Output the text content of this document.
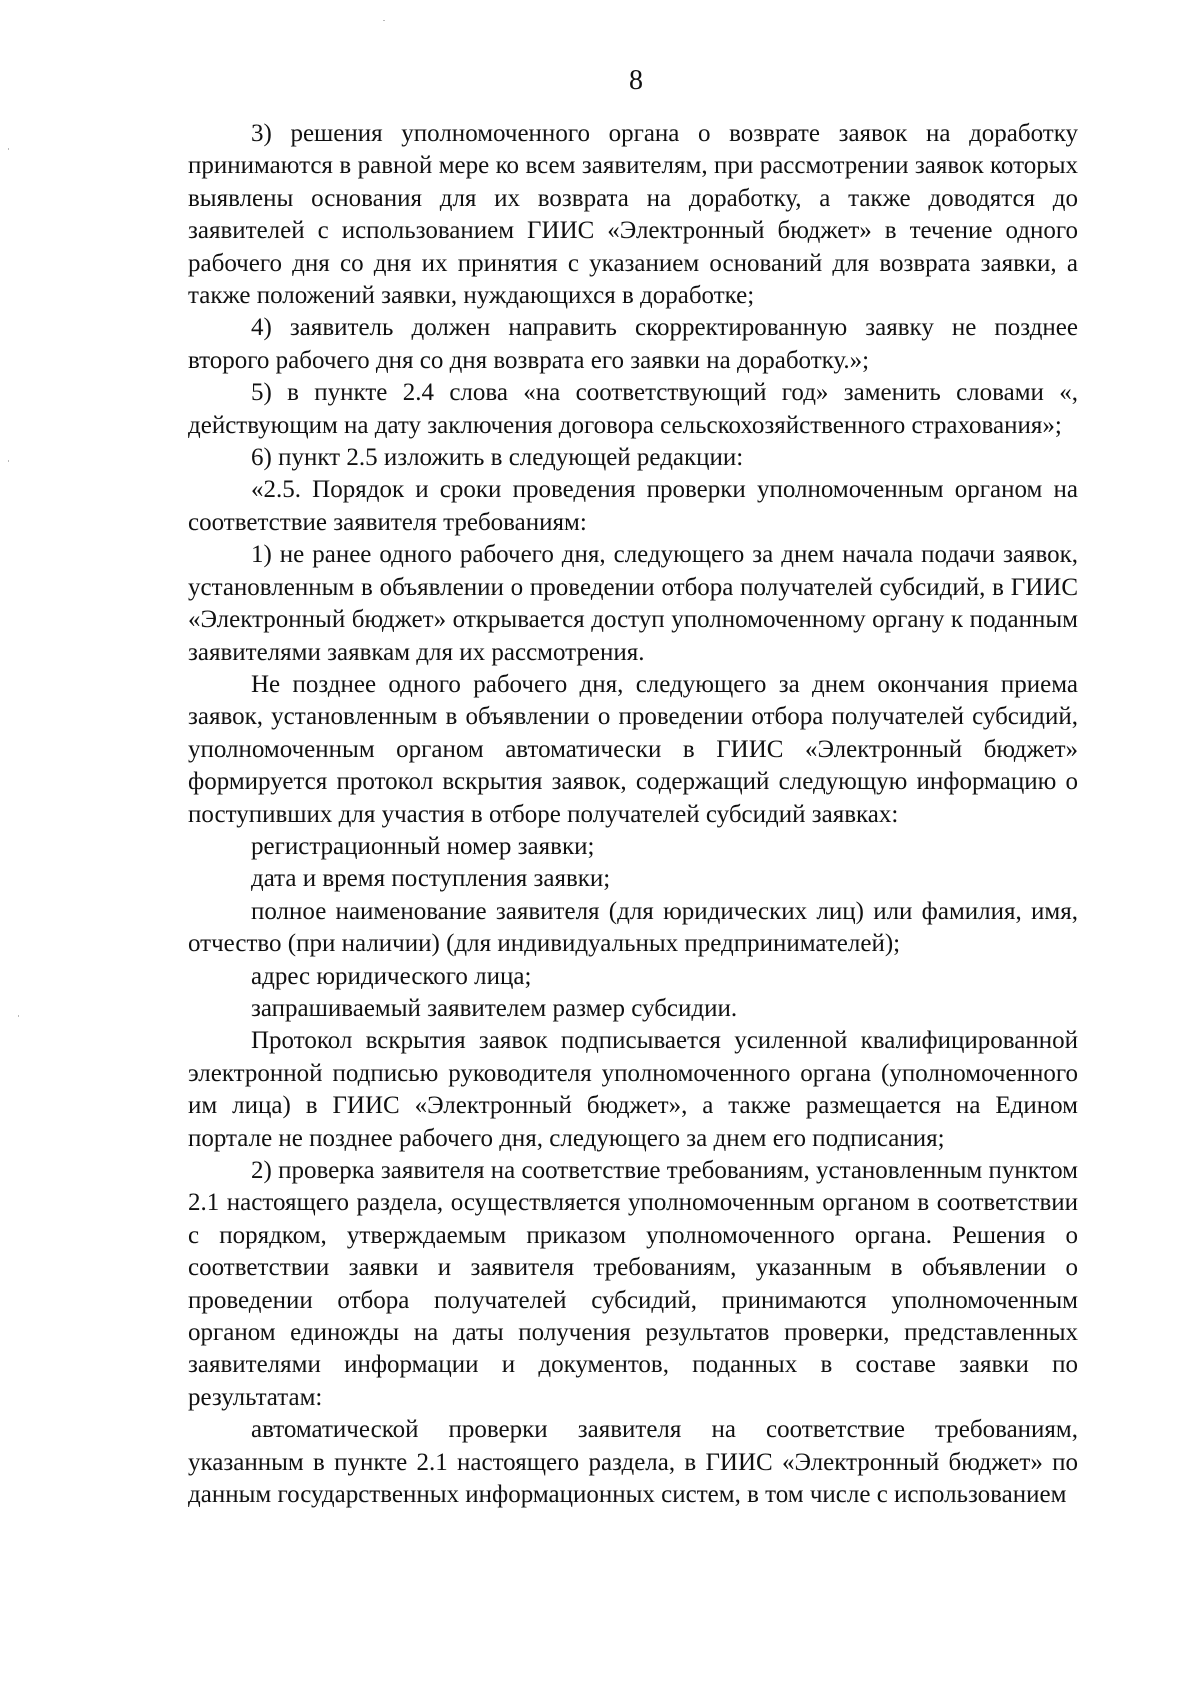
8

3) решения уполномоченного органа о возврате заявок на доработку принимаются в равной мере ко всем заявителям, при рассмотрении заявок которых выявлены основания для их возврата на доработку, а также доводятся до заявителей с использованием ГИИС «Электронный бюджет» в течение одного рабочего дня со дня их принятия с указанием оснований для возврата заявки, а также положений заявки, нуждающихся в доработке;

4) заявитель должен направить скорректированную заявку не позднее второго рабочего дня со дня возврата его заявки на доработку.»;

5) в пункте 2.4 слова «на соответствующий год» заменить словами «, действующим на дату заключения договора сельскохозяйственного страхования»;

6) пункт 2.5 изложить в следующей редакции:

«2.5. Порядок и сроки проведения проверки уполномоченным органом на соответствие заявителя требованиям:

1) не ранее одного рабочего дня, следующего за днем начала подачи заявок, установленным в объявлении о проведении отбора получателей субсидий, в ГИИС «Электронный бюджет» открывается доступ уполномоченному органу к поданным заявителями заявкам для их рассмотрения.

Не позднее одного рабочего дня, следующего за днем окончания приема заявок, установленным в объявлении о проведении отбора получателей субсидий, уполномоченным органом автоматически в ГИИС «Электронный бюджет» формируется протокол вскрытия заявок, содержащий следующую информацию о поступивших для участия в отборе получателей субсидий заявках:

регистрационный номер заявки;

дата и время поступления заявки;

полное наименование заявителя (для юридических лиц) или фамилия, имя, отчество (при наличии) (для индивидуальных предпринимателей);

адрес юридического лица;

запрашиваемый заявителем размер субсидии.

Протокол вскрытия заявок подписывается усиленной квалифицированной электронной подписью руководителя уполномоченного органа (уполномоченного им лица) в ГИИС «Электронный бюджет», а также размещается на Едином портале не позднее рабочего дня, следующего за днем его подписания;

2) проверка заявителя на соответствие требованиям, установленным пунктом 2.1 настоящего раздела, осуществляется уполномоченным органом в соответствии с порядком, утверждаемым приказом уполномоченного органа. Решения о соответствии заявки и заявителя требованиям, указанным в объявлении о проведении отбора получателей субсидий, принимаются уполномоченным органом единожды на даты получения результатов проверки, представленных заявителями информации и документов, поданных в составе заявки по результатам:

автоматической проверки заявителя на соответствие требованиям, указанным в пункте 2.1 настоящего раздела, в ГИИС «Электронный бюджет» по данным государственных информационных систем, в том числе с использованием
